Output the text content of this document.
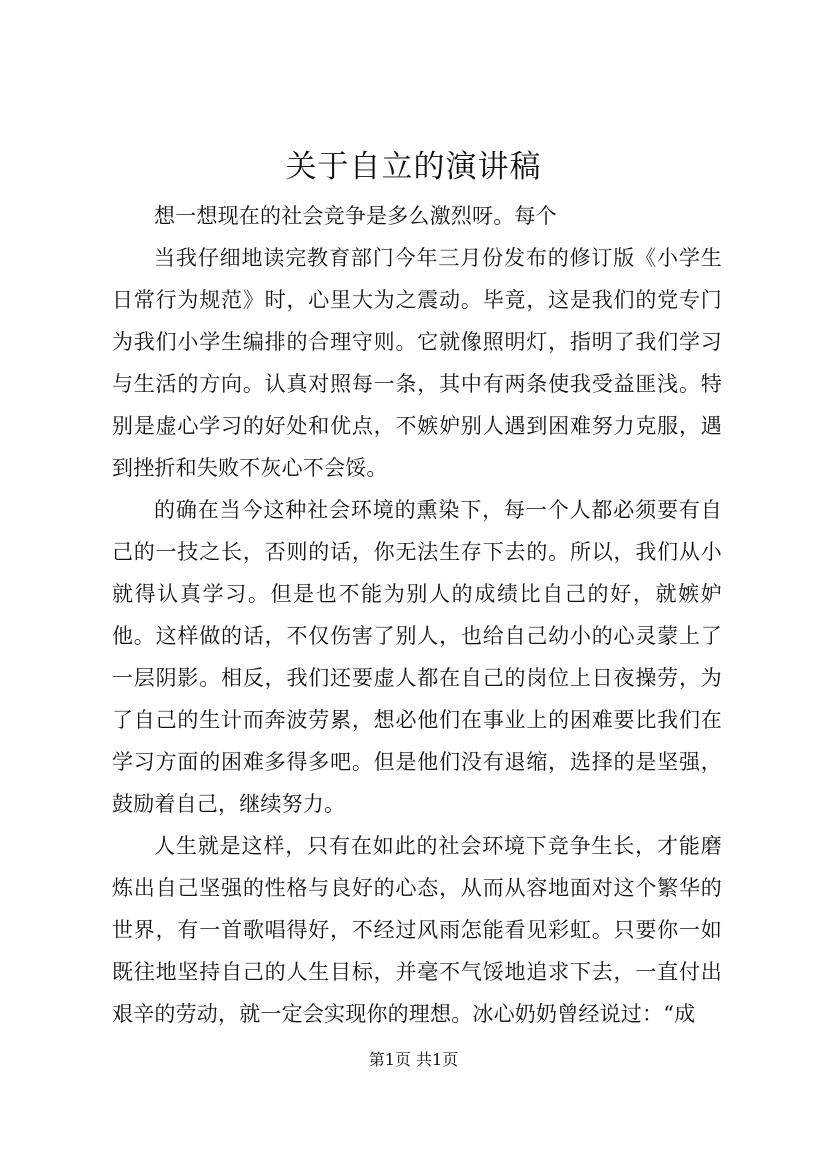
关于自立的演讲稿

想一想现在的社会竞争是多么激烈呀。每个

当我仔细地读完教育部门今年三月份发布的修订版《小学生日常行为规范》时，心里大为之震动。毕竟，这是我们的党专门为我们小学生编排的合理守则。它就像照明灯，指明了我们学习与生活的方向。认真对照每一条，其中有两条使我受益匪浅。特别是虚心学习的好处和优点，不嫉妒别人遇到困难努力克服，遇到挫折和失败不灰心不会馁。

的确在当今这种社会环境的熏染下，每一个人都必须要有自己的一技之长，否则的话，你无法生存下去的。所以，我们从小就得认真学习。但是也不能为别人的成绩比自己的好，就嫉妒他。这样做的话，不仅伤害了别人，也给自己幼小的心灵蒙上了一层阴影。相反，我们还要虚人都在自己的岗位上日夜操劳，为了自己的生计而奔波劳累，想必他们在事业上的困难要比我们在学习方面的困难多得多吧。但是他们没有退缩，选择的是坚强，鼓励着自己，继续努力。

人生就是这样，只有在如此的社会环境下竞争生长，才能磨炼出自己坚强的性格与良好的心态，从而从容地面对这个繁华的世界，有一首歌唱得好，不经过风雨怎能看见彩虹。只要你一如既往地坚持自己的人生目标，并毫不气馁地追求下去，一直付出艰辛的劳动，就一定会实现你的理想。冰心奶奶曾经说过：“成

第1页 共1页
